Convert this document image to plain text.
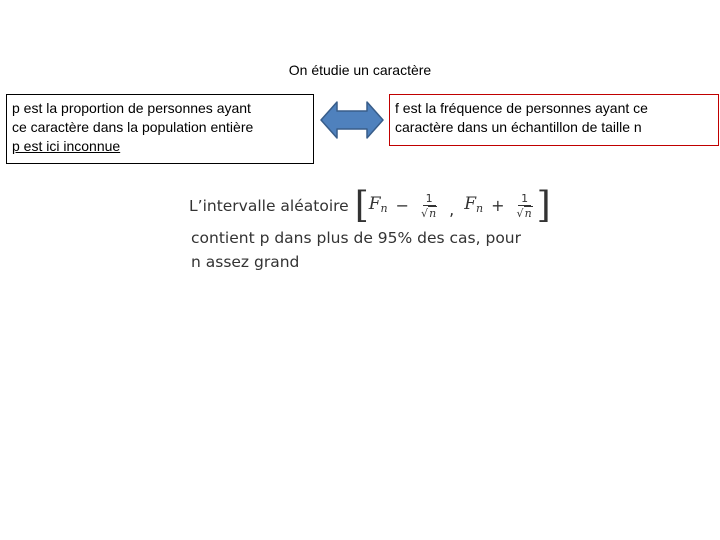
On étudie un caractère
p est la proportion de personnes ayant
ce caractère dans la population entière
p est ici inconnue
f est la fréquence de personnes ayant ce
caractère dans un échantillon de taille n
L’intervalle aléatoire [ $F_n - \frac{1}{√n}$ , $F_n + \frac{1}{√n}$ ]
contient p dans plus de 95% des cas, pour
n assez grand
